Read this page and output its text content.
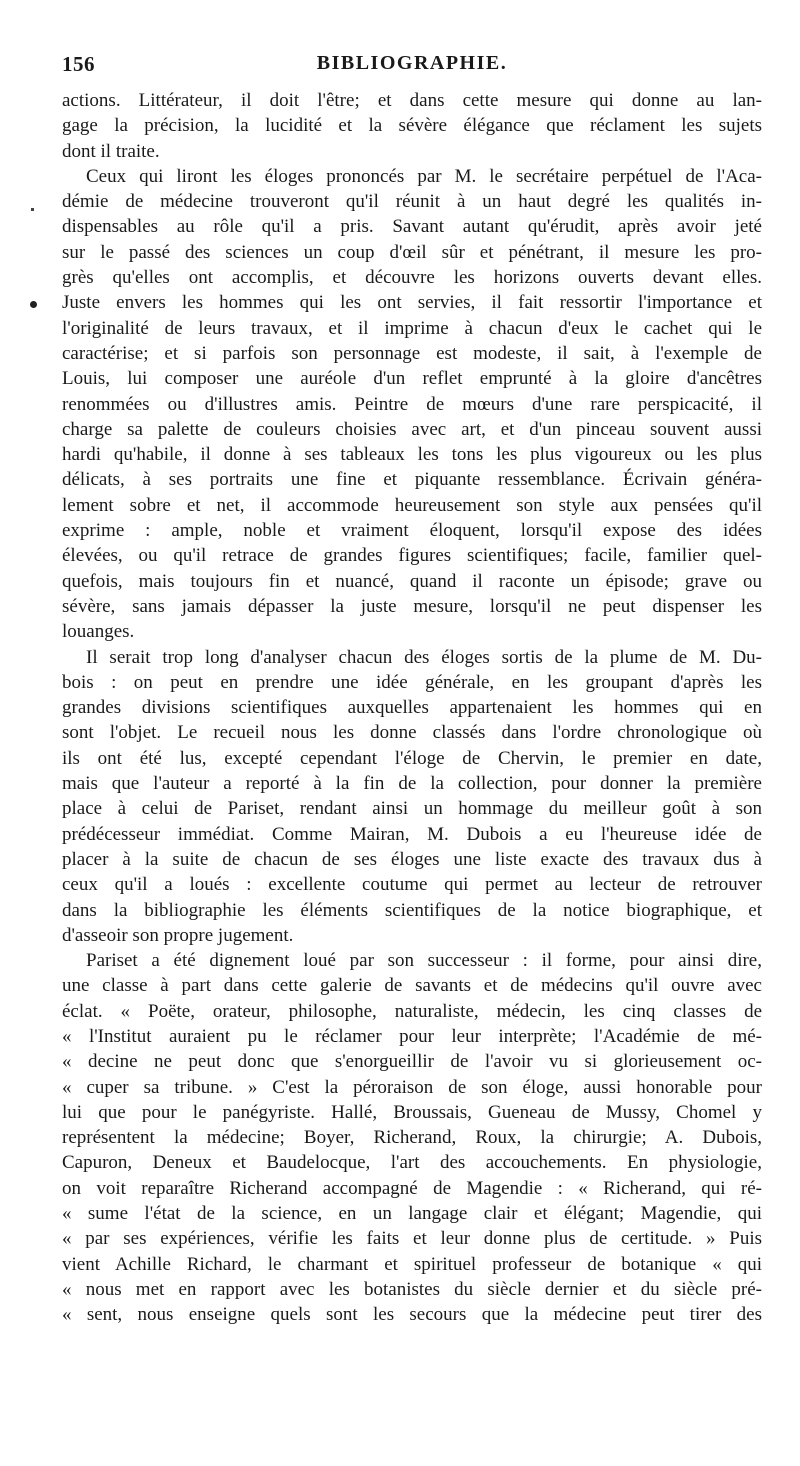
156	BIBLIOGRAPHIE.
actions. Littérateur, il doit l'être; et dans cette mesure qui donne au lan-
gage la précision, la lucidité et la sévère élégance que réclament les sujets
dont il traite.
Ceux qui liront les éloges prononcés par M. le secrétaire perpétuel de l'Aca-
démie de médecine trouveront qu'il réunit à un haut degré les qualités in-
dispensables au rôle qu'il a pris. Savant autant qu'érudit, après avoir jeté
sur le passé des sciences un coup d'œil sûr et pénétrant, il mesure les pro-
grès qu'elles ont accomplis, et découvre les horizons ouverts devant elles.
Juste envers les hommes qui les ont servies, il fait ressortir l'importance et
l'originalité de leurs travaux, et il imprime à chacun d'eux le cachet qui le
caractérise; et si parfois son personnage est modeste, il sait, à l'exemple de
Louis, lui composer une auréole d'un reflet emprunté à la gloire d'ancêtres
renommées ou d'illustres amis. Peintre de mœurs d'une rare perspicacité, il
charge sa palette de couleurs choisies avec art, et d'un pinceau souvent aussi
hardi qu'habile, il donne à ses tableaux les tons les plus vigoureux ou les plus
délicats, à ses portraits une fine et piquante ressemblance. Écrivain généra-
lement sobre et net, il accommode heureusement son style aux pensées qu'il
exprime : ample, noble et vraiment éloquent, lorsqu'il expose des idées
élevées, ou qu'il retrace de grandes figures scientifiques; facile, familier quel-
quefois, mais toujours fin et nuancé, quand il raconte un épisode; grave ou
sévère, sans jamais dépasser la juste mesure, lorsqu'il ne peut dispenser les
louanges.
Il serait trop long d'analyser chacun des éloges sortis de la plume de M. Du-
bois : on peut en prendre une idée générale, en les groupant d'après les
grandes divisions scientifiques auxquelles appartenaient les hommes qui en
sont l'objet. Le recueil nous les donne classés dans l'ordre chronologique où
ils ont été lus, excepté cependant l'éloge de Chervin, le premier en date,
mais que l'auteur a reporté à la fin de la collection, pour donner la première
place à celui de Pariset, rendant ainsi un hommage du meilleur goût à son
prédécesseur immédiat. Comme Mairan, M. Dubois a eu l'heureuse idée de
placer à la suite de chacun de ses éloges une liste exacte des travaux dus à
ceux qu'il a loués : excellente coutume qui permet au lecteur de retrouver
dans la bibliographie les éléments scientifiques de la notice biographique, et
d'asseoir son propre jugement.
Pariset a été dignement loué par son successeur : il forme, pour ainsi dire,
une classe à part dans cette galerie de savants et de médecins qu'il ouvre avec
éclat. « Poëte, orateur, philosophe, naturaliste, médecin, les cinq classes de
« l'Institut auraient pu le réclamer pour leur interprète; l'Académie de mé-
« decine ne peut donc que s'enorgueillir de l'avoir vu si glorieusement oc-
« cuper sa tribune. » C'est la péroraison de son éloge, aussi honorable pour
lui que pour le panégyriste. Hallé, Broussais, Gueneau de Mussy, Chomel y
représentent la médecine; Boyer, Richerand, Roux, la chirurgie; A. Dubois,
Capuron, Deneux et Baudelocque, l'art des accouchements. En physiologie,
on voit reparaître Richerand accompagné de Magendie : « Richerand, qui ré-
« sume l'état de la science, en un langage clair et élégant; Magendie, qui
« par ses expériences, vérifie les faits et leur donne plus de certitude. » Puis
vient Achille Richard, le charmant et spirituel professeur de botanique « qui
« nous met en rapport avec les botanistes du siècle dernier et du siècle pré-
« sent, nous enseigne quels sont les secours que la médecine peut tirer des
